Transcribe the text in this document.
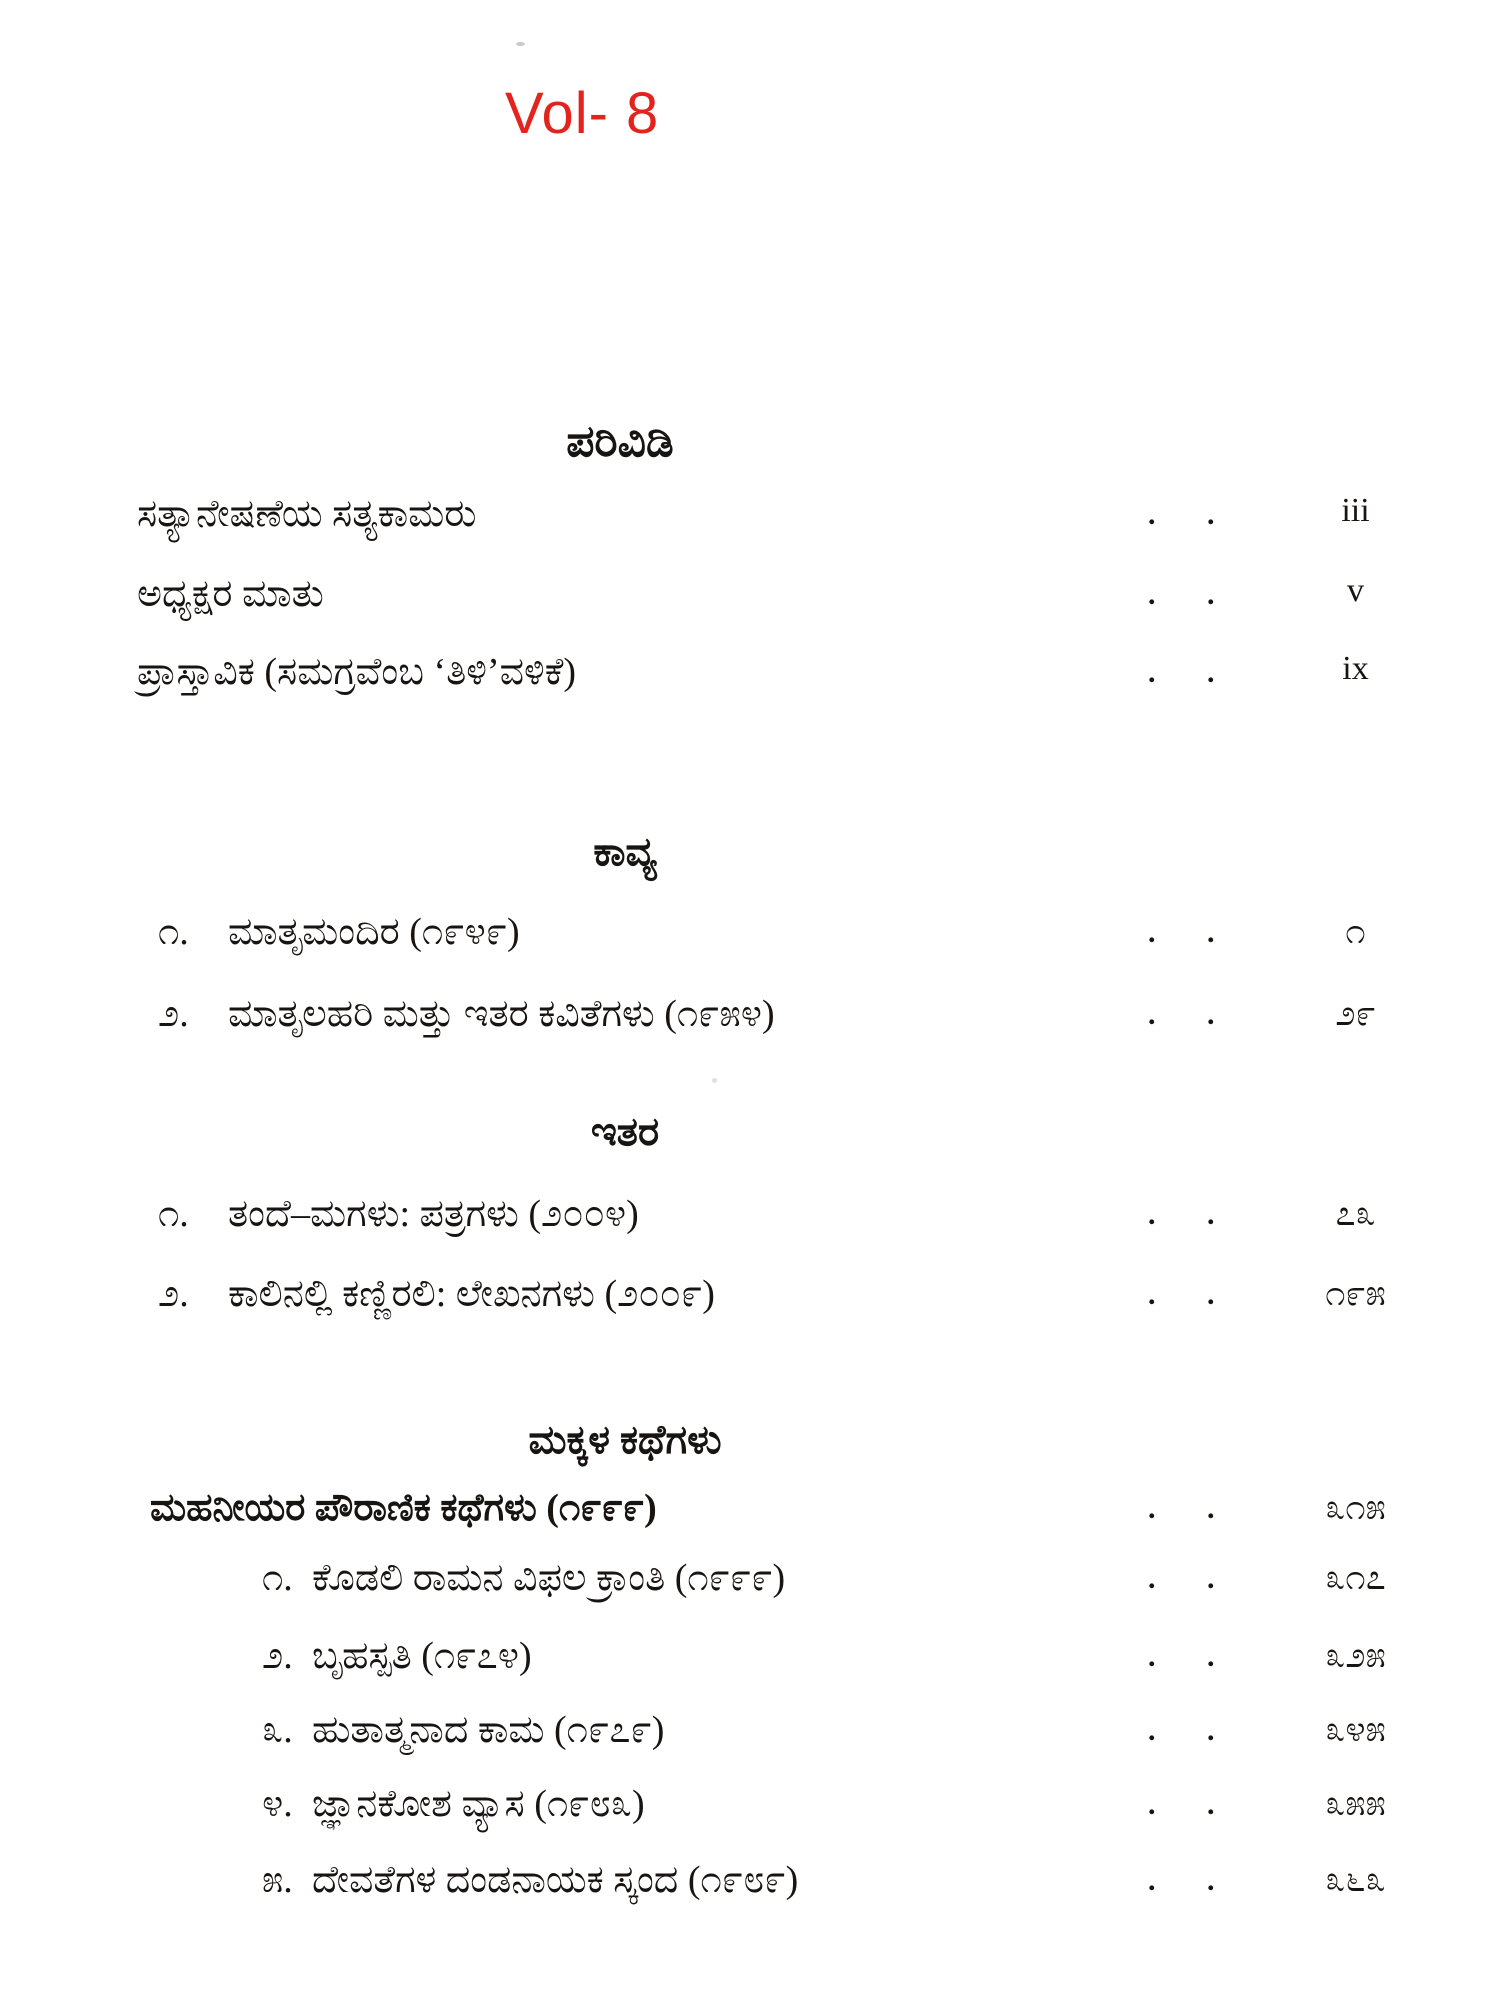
Vol- 8
ಪರಿವಿಡಿ
ಸತ್ಯಾನೇಷಣೆಯ ಸತ್ಯಕಾಮರು	. .	iii
ಅಧ್ಯಕ್ಷರ ಮಾತು	. .	v
ಪ್ರಾಸ್ತಾವಿಕ (ಸಮಗ್ರವೆಂಬ ‘ತಿಳಿ’ವಳಿಕೆ)	. .	ix
ಕಾವ್ಯ
೧. ಮಾತೃಮಂದಿರ (೧೯೪೯)	. .	೧
೨. ಮಾತೃಲಹರಿ ಮತ್ತು ಇತರ ಕವಿತೆಗಳು (೧೯೫೪)	. .	೨೯
ಇತರ
೧. ತಂದೆ–ಮಗಳು: ಪತ್ರಗಳು (೨೦೦೪)	. .	೭೩
೨. ಕಾಲಿನಲ್ಲಿ ಕಣ್ಣಿರಲಿ: ಲೇಖನಗಳು (೨೦೦೯)	. .	೧೯೫
ಮಕ್ಕಳ ಕಥೆಗಳು
ಮಹನೀಯರ ಪೌರಾಣಿಕ ಕಥೆಗಳು (೧೯೯೯)	. .	೩೧೫
೧. ಕೊಡಲಿ ರಾಮನ ವಿಫಲ ಕ್ರಾಂತಿ (೧೯೯೯)	. .	೩೧೭
೨. ಬೃಹಸ್ಪತಿ (೧೯೭೪)	. .	೩೨೫
೩. ಹುತಾತ್ಮನಾದ ಕಾಮ (೧೯೭೯)	. .	೩೪೫
೪. ಜ್ಞಾನಕೋಶ ವ್ಯಾಸ (೧೯೮೩)	. .	೩೫೫
೫. ದೇವತೆಗಳ ದಂಡನಾಯಕ ಸ್ಕಂದ (೧೯೮೯)	. .	೩೬೩
